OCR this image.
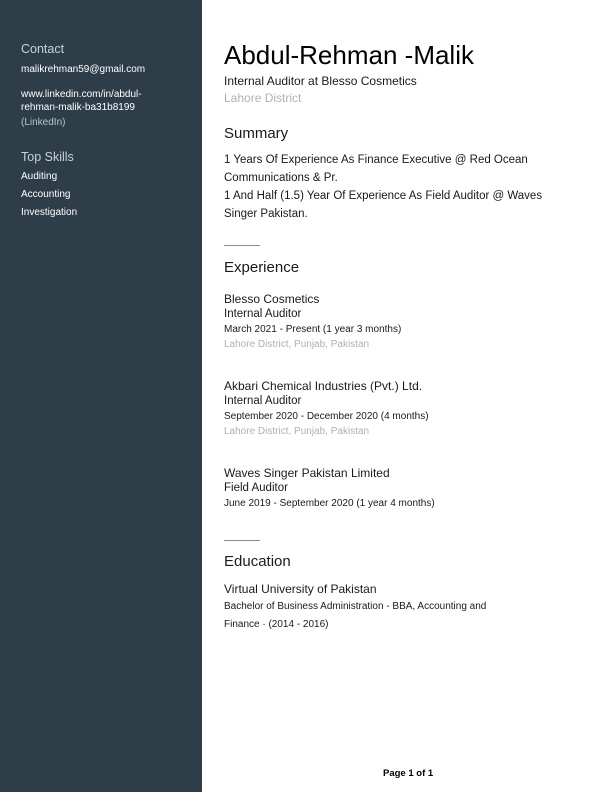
Contact
malikrehman59@gmail.com
www.linkedin.com/in/abdul-
rehman-malik-ba31b8199
(LinkedIn)
Top Skills
Auditing
Accounting
Investigation
Abdul-Rehman -Malik
Internal Auditor at Blesso Cosmetics
Lahore District
Summary
1 Years Of Experience As Finance Executive @ Red Ocean
Communications & Pr.
1 And Half (1.5) Year Of Experience As Field Auditor @ Waves
Singer Pakistan.
Experience
Blesso Cosmetics
Internal Auditor
March 2021 - Present (1 year 3 months)
Lahore District, Punjab, Pakistan
Akbari Chemical Industries (Pvt.) Ltd.
Internal Auditor
September 2020 - December 2020 (4 months)
Lahore District, Punjab, Pakistan
Waves Singer Pakistan Limited
Field Auditor
June 2019 - September 2020 (1 year 4 months)
Education
Virtual University of Pakistan
Bachelor of Business Administration - BBA, Accounting and
Finance · (2014 - 2016)
Page 1 of 1
